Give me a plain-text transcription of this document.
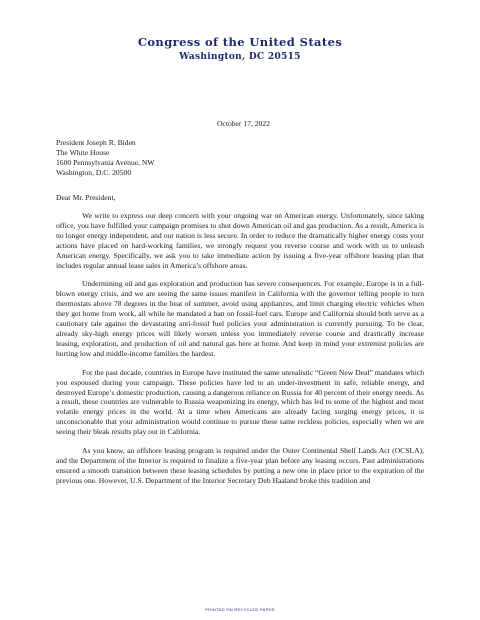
Congress of the United States
Washington, DC 20515
October 17, 2022
President Joseph R. Biden
The White House
1600 Pennsylvania Avenue, NW
Washington, D.C. 20500
Dear Mr. President,

We write to express our deep concern with your ongoing war on American energy. Unfortunately, since taking office, you have fulfilled your campaign promises to shut down American oil and gas production. As a result, America is no longer energy independent, and our nation is less secure. In order to reduce the dramatically higher energy costs your actions have placed on hard-working families, we strongly request you reverse course and work with us to unleash American energy. Specifically, we ask you to take immediate action by issuing a five-year offshore leasing plan that includes regular annual lease sales in America’s offshore areas.

Undermining oil and gas exploration and production has severe consequences. For example, Europe is in a full-blown energy crisis, and we are seeing the same issues manifest in California with the governor telling people to turn thermostats above 78 degrees in the heat of summer, avoid using appliances, and limit charging electric vehicles when they get home from work, all while he mandated a ban on fossil-fuel cars. Europe and California should both serve as a cautionary tale against the devastating anti-fossil fuel policies your administration is currently pursuing. To be clear, already sky-high energy prices will likely worsen unless you immediately reverse course and drastically increase leasing, exploration, and production of oil and natural gas here at home. And keep in mind your extremist policies are hurting low and middle-income families the hardest.

For the past decade, countries in Europe have instituted the same unrealistic “Green New Deal” mandates which you espoused during your campaign. These policies have led to an under-investment in safe, reliable energy, and destroyed Europe’s domestic production, causing a dangerous reliance on Russia for 40 percent of their energy needs. As a result, these countries are vulnerable to Russia weaponizing its energy, which has led to some of the highest and most volatile energy prices in the world. At a time when Americans are already facing surging energy prices, it is unconscionable that your administration would continue to pursue these same reckless policies, especially when we are seeing their bleak results play out in California.

As you know, an offshore leasing program is required under the Outer Continental Shelf Lands Act (OCSLA), and the Department of the Interior is required to finalize a five-year plan before any leasing occurs. Past administrations ensured a smooth transition between these leasing schedules by putting a new one in place prior to the expiration of the previous one. However, U.S. Department of the Interior Secretary Deb Haaland broke this tradition and

PRINTED ON RECYCLED PAPER
